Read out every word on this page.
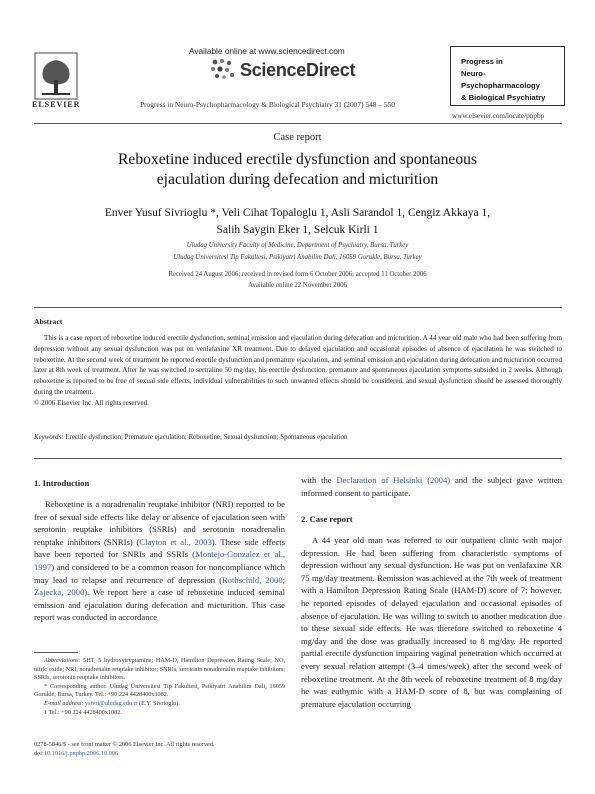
ELSEVIER
Available online at www.sciencedirect.com
ScienceDirect
Progress in Neuro-Psychopharmacology & Biological Psychiatry 31 (2007) 548 – 550
Progress in
Neuro-Psychopharmacology
& Biological Psychiatry
www.elsevier.com/locate/pnpbp
Case report
Reboxetine induced erectile dysfunction and spontaneous
ejaculation during defecation and micturition
Enver Yusuf Sivrioglu *, Veli Cihat Topaloglu 1, Asli Sarandol 1, Cengiz Akkaya 1,
Salih Saygin Eker 1, Selcuk Kirli 1
Uludag University Faculty of Medicine, Department of Psychiatry, Bursa, Turkey
Uludag Universitesi Tip Fakultesi, Psikiyatri Anabilim Dali, 16059 Gorukle, Bursa, Turkey
Received 24 August 2006; received in revised form 6 October 2006; accepted 11 October 2006
Available online 22 November 2006
Abstract
This is a case report of reboxetine induced erectile dysfunction, seminal emission and ejaculation during defecation and micturition. A 44 year old male who had been suffering from depression without any sexual dysfunction was put on venlafaxine XR treatment. Due to delayed ejaculation and occasional episodes of absence of ejaculation he was switched to reboxetine. At the second week of treatment he reported erectile dysfunction and premature ejaculation, and seminal emission and ejaculation during defecation and micturition occurred later at 8th week of treatment. After he was switched to sertraline 50 mg/day, his erectile dysfunction, premature and spontaneous ejaculation symptoms subsided in 2 weeks. Although reboxetine is reported to be free of sexual side effects, individual vulnerabilities to such unwanted effects should be considered, and sexual dysfunction should be assessed thoroughly during the treatment.
© 2006 Elsevier Inc. All rights reserved.
Keywords: Erectile dysfunction; Premature ejaculation; Reboxetine; Sexual dysfunction; Spontaneous ejaculation
1. Introduction

Reboxetine is a noradrenalin reuptake inhibitor (NRI) reported to be free of sexual side effects like delay or absence of ejaculation seen with serotonin reuptake inhibitors (SSRIs) and serotonin noradrenalin reuptake inhibitors (SNRIs) (Clayton et al., 2003). These side effects have been reported for SNRIs and SSRIs (Montejo-Gonzalez et al., 1997) and considered to be a common reason for noncompliance which may lead to relapse and recurrence of depression (Rothschild, 2000; Zajecka, 2000). We report here a case of reboxetine induced seminal emission and ejaculation during defecation and micturition. This case report was conducted in accordance

Abbreviations: 5HT, 5 hydroxytryptamine; HAM-D, Hamilton Depression Rating Scale; NO, nitric oxide; NRI, noradrenalin reuptake inhibitor; SNRIs, serotonin noradrenalin reuptake inhibitors; SSRIs, serotonin reuptake inhibitors.

* Corresponding author. Uludag Üniversitesi Tip Fakultesi, Psikiyatri Anabilim Dali, 16059 Gorukle, Bursa, Turkey. Tel.: +90 224 4428400x1082.

E-mail address: ysivri@uludag.edu.tr (E.Y. Sivrioglu).

1 Tel.: +90 224 4428400x1082.

0278-5846/$ - see front matter © 2006 Elsevier Inc. All rights reserved.
doi:10.1016/j.pnpbp.2006.10.006

with the Declaration of Helsinki (2004) and the subject gave written informed consent to participate.

2. Case report

A 44 year old man was referred to our outpatient clinic with major depression. He had been suffering from characteristic symptoms of depression without any sexual dysfunction. He was put on venlafaxine XR 75 mg/day treatment. Remission was achieved at the 7th week of treatment with a Hamilton Depression Rating Scale (HAM-D) score of 7; however, he reported episodes of delayed ejaculation and occasional episodes of absence of ejaculation. He was willing to switch to another medication due to these sexual side effects. He was therefore switched to reboxetine 4 mg/day and the dose was gradually increased to 8 mg/day. He reported partial erectile dysfunction impairing vaginal penetration which occurred at every sexual relation attempt (3–4 times/week) after the second week of reboxetine treatment. At the 8th week of reboxetine treatment of 8 mg/day he was euthymic with a HAM-D score of 8, but was complaining of premature ejaculation occurring
